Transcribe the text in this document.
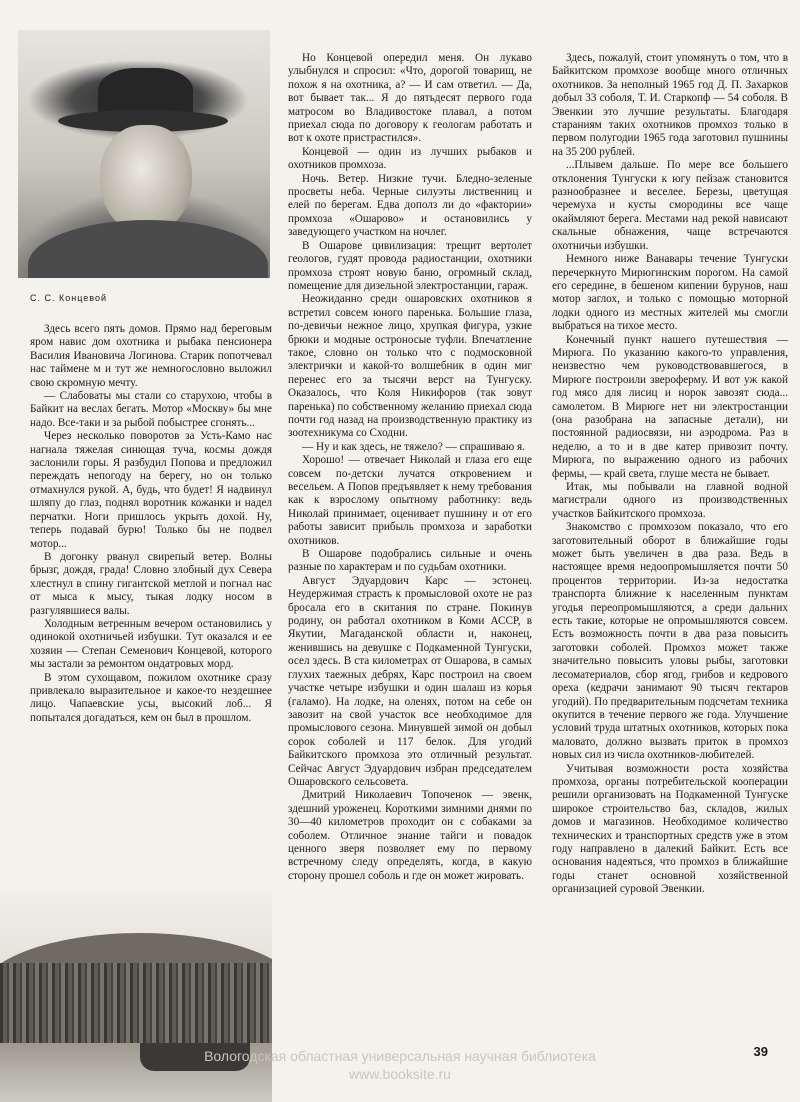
С. С. Концевой

Здесь всего пять домов. Прямо над береговым яром навис дом охотника и рыбака пенсионера Василия Ивановича Логинова. Старик попотчевал нас таймене м и тут же немногословно выложил свою скромную мечту.

— Слабоваты мы стали со старухою, чтобы в Байкит на веслах бегать. Мотор «Москву» бы мне надо. Все-таки и за рыбой побыстрее сгонять...

Через несколько поворотов за Усть-Камо нас нагнала тяжелая синющая туча, космы дождя заслонили горы. Я разбудил Попова и предложил переждать непогоду на берегу, но он только отмахнулся рукой. А, будь, что будет! Я надвинул шляпу до глаз, поднял воротник кожанки и надел перчатки. Ноги пришлось укрыть дохой. Ну, теперь подавай бурю! Только бы не подвел мотор...

В догонку рванул свирепый ветер. Волны брызг, дождя, града! Словно злобный дух Севера хлестнул в спину гигантской метлой и погнал нас от мыса к мысу, тыкая лодку носом в разгулявшиеся валы.

Холодным ветренным вечером остановились у одинокой охотничьей избушки. Тут оказался и ее хозяин — Степан Семенович Концевой, которого мы застали за ремонтом ондатровых морд.

В этом сухощавом, пожилом охотнике сразу привлекало выразительное и какое-то нездешнее лицо. Чапаевские усы, высокий лоб... Я попытался догадаться, кем он был в прошлом.

Но Концевой опередил меня. Он лукаво улыбнулся и спросил: «Что, дорогой товарищ, не похож я на охотника, а? — И сам ответил. — Да, вот бывает так... Я до пятьдесят первого года матросом во Владивостоке плавал, а потом приехал сюда по договору к геологам работать и вот к охоте пристрастился».

Концевой — один из лучших рыбаков и охотников промхоза.

Ночь. Ветер. Низкие тучи. Бледно-зеленые просветы неба. Черные силуэты лиственниц и елей по берегам. Едва дополз ли до «фактории» промхоза «Ошарово» и остановились у заведующего участком на ночлег.

В Ошарове цивилизация: трещит вертолет геологов, гудят провода радиостанции, охотники промхоза строят новую баню, огромный склад, помещение для дизельной электростанции, гараж.

Неожиданно среди ошаровских охотников я встретил совсем юного паренька. Большие глаза, по-девичьи нежное лицо, хрупкая фигура, узкие брюки и модные остроносые туфли. Впечатление такое, словно он только что с подмосковной электрички и какой-то волшебник в один миг перенес его за тысячи верст на Тунгуску. Оказалось, что Коля Никифоров (так зовут паренька) по собственному желанию приехал сюда почти год назад на производственную практику из зоотехникума со Сходни.

— Ну и как здесь, не тяжело? — спрашиваю я.

Хорошо! — отвечает Николай и глаза его еще совсем по-детски лучатся откровением и весельем. А Попов предъявляет к нему требования как к взрослому опытному работнику: ведь Николай принимает, оценивает пушнину и от его работы зависит прибыль промхоза и заработки охотников.

В Ошарове подобрались сильные и очень разные по характерам и по судьбам охотники.

Август Эдуардович Карс — эстонец. Неудержимая страсть к промысловой охоте не раз бросала его в скитания по стране. Покинув родину, он работал охотником в Коми АССР, в Якутии, Магаданской области и, наконец, женившись на девушке с Подкаменной Тунгуски, осел здесь. В ста километрах от Ошарова, в самых глухих таежных дебрях, Карс построил на своем участке четыре избушки и один шалаш из корья (галамо). На лодке, на оленях, потом на себе он завозит на свой участок все необходимое для промыслового сезона. Минувшей зимой он добыл сорок соболей и 117 белок. Для угодий Байкитского промхоза это отличный результат. Сейчас Август Эдуардович избран председателем Ошаровского сельсовета.

Дмитрий Николаевич Топоченок — эвенк, здешний уроженец. Короткими зимними днями по 30—40 километров проходит он с собаками за соболем. Отличное знание тайги и повадок ценного зверя позволяет ему по первому встречному следу определять, когда, в какую сторону прошел соболь и где он может жировать.

Здесь, пожалуй, стоит упомянуть о том, что в Байкитском промхозе вообще много отличных охотников. За неполный 1965 год Д. П. Захарков добыл 33 соболя, Т. И. Старкопф — 54 соболя. В Эвенкии это лучшие результаты. Благодаря стараниям таких охотников промхоз только в первом полугодии 1965 года заготовил пушнины на 35 200 рублей.

...Плывем дальше. По мере все большего отклонения Тунгуски к югу пейзаж становится разнообразнее и веселее. Березы, цветущая черемуха и кусты смородины все чаще окаймляют берега. Местами над рекой нависают скальные обнажения, чаще встречаются охотничьи избушки.

Немного ниже Ванавары течение Тунгуски перечеркнуто Мирюгинским порогом. На самой его середине, в бешеном кипении бурунов, наш мотор заглох, и только с помощью моторной лодки одного из местных жителей мы смогли выбраться на тихое место.

Конечный пункт нашего путешествия — Мирюга. По указанию какого-то управления, неизвестно чем руководствовавшегося, в Мирюге построили звероферму. И вот уж какой год мясо для лисиц и норок завозят сюда... самолетом. В Мирюге нет ни электростанции (она разобрана на запасные детали), ни постоянной радиосвязи, ни аэродрома. Раз в неделю, а то и в две катер привозит почту. Мирюга, по выражению одного из рабочих фермы, — край света, глуше места не бывает.

Итак, мы побывали на главной водной магистрали одного из производственных участков Байкитского промхоза.

Знакомство с промхозом показало, что его заготовительный оборот в ближайшие годы может быть увеличен в два раза. Ведь в настоящее время недоопромышляется почти 50 процентов территории. Из-за недостатка транспорта ближние к населенным пунктам угодья переопромышляются, а среди дальних есть такие, которые не опромышляются совсем. Есть возможность почти в два раза повысить заготовки соболей. Промхоз может также значительно повысить уловы рыбы, заготовки лесоматериалов, сбор ягод, грибов и кедрового ореха (кедрачи занимают 90 тысяч гектаров угодий). По предварительным подсчетам техника окупится в течение первого же года. Улучшение условий труда штатных охотников, которых пока маловато, должно вызвать приток в промхоз новых сил из числа охотников-любителей.

Учитывая возможности роста хозяйства промхоза, органы потребительской кооперации решили организовать на Подкаменной Тунгуске широкое строительство баз, складов, жилых домов и магазинов. Необходимое количество технических и транспортных средств уже в этом году направлено в далекий Байкит. Есть все основания надеяться, что промхоз в ближайшие годы станет основной хозяйственной организацией суровой Эвенкии.

39
Вологодская областная универсальная научная библиотека
www.booksite.ru
